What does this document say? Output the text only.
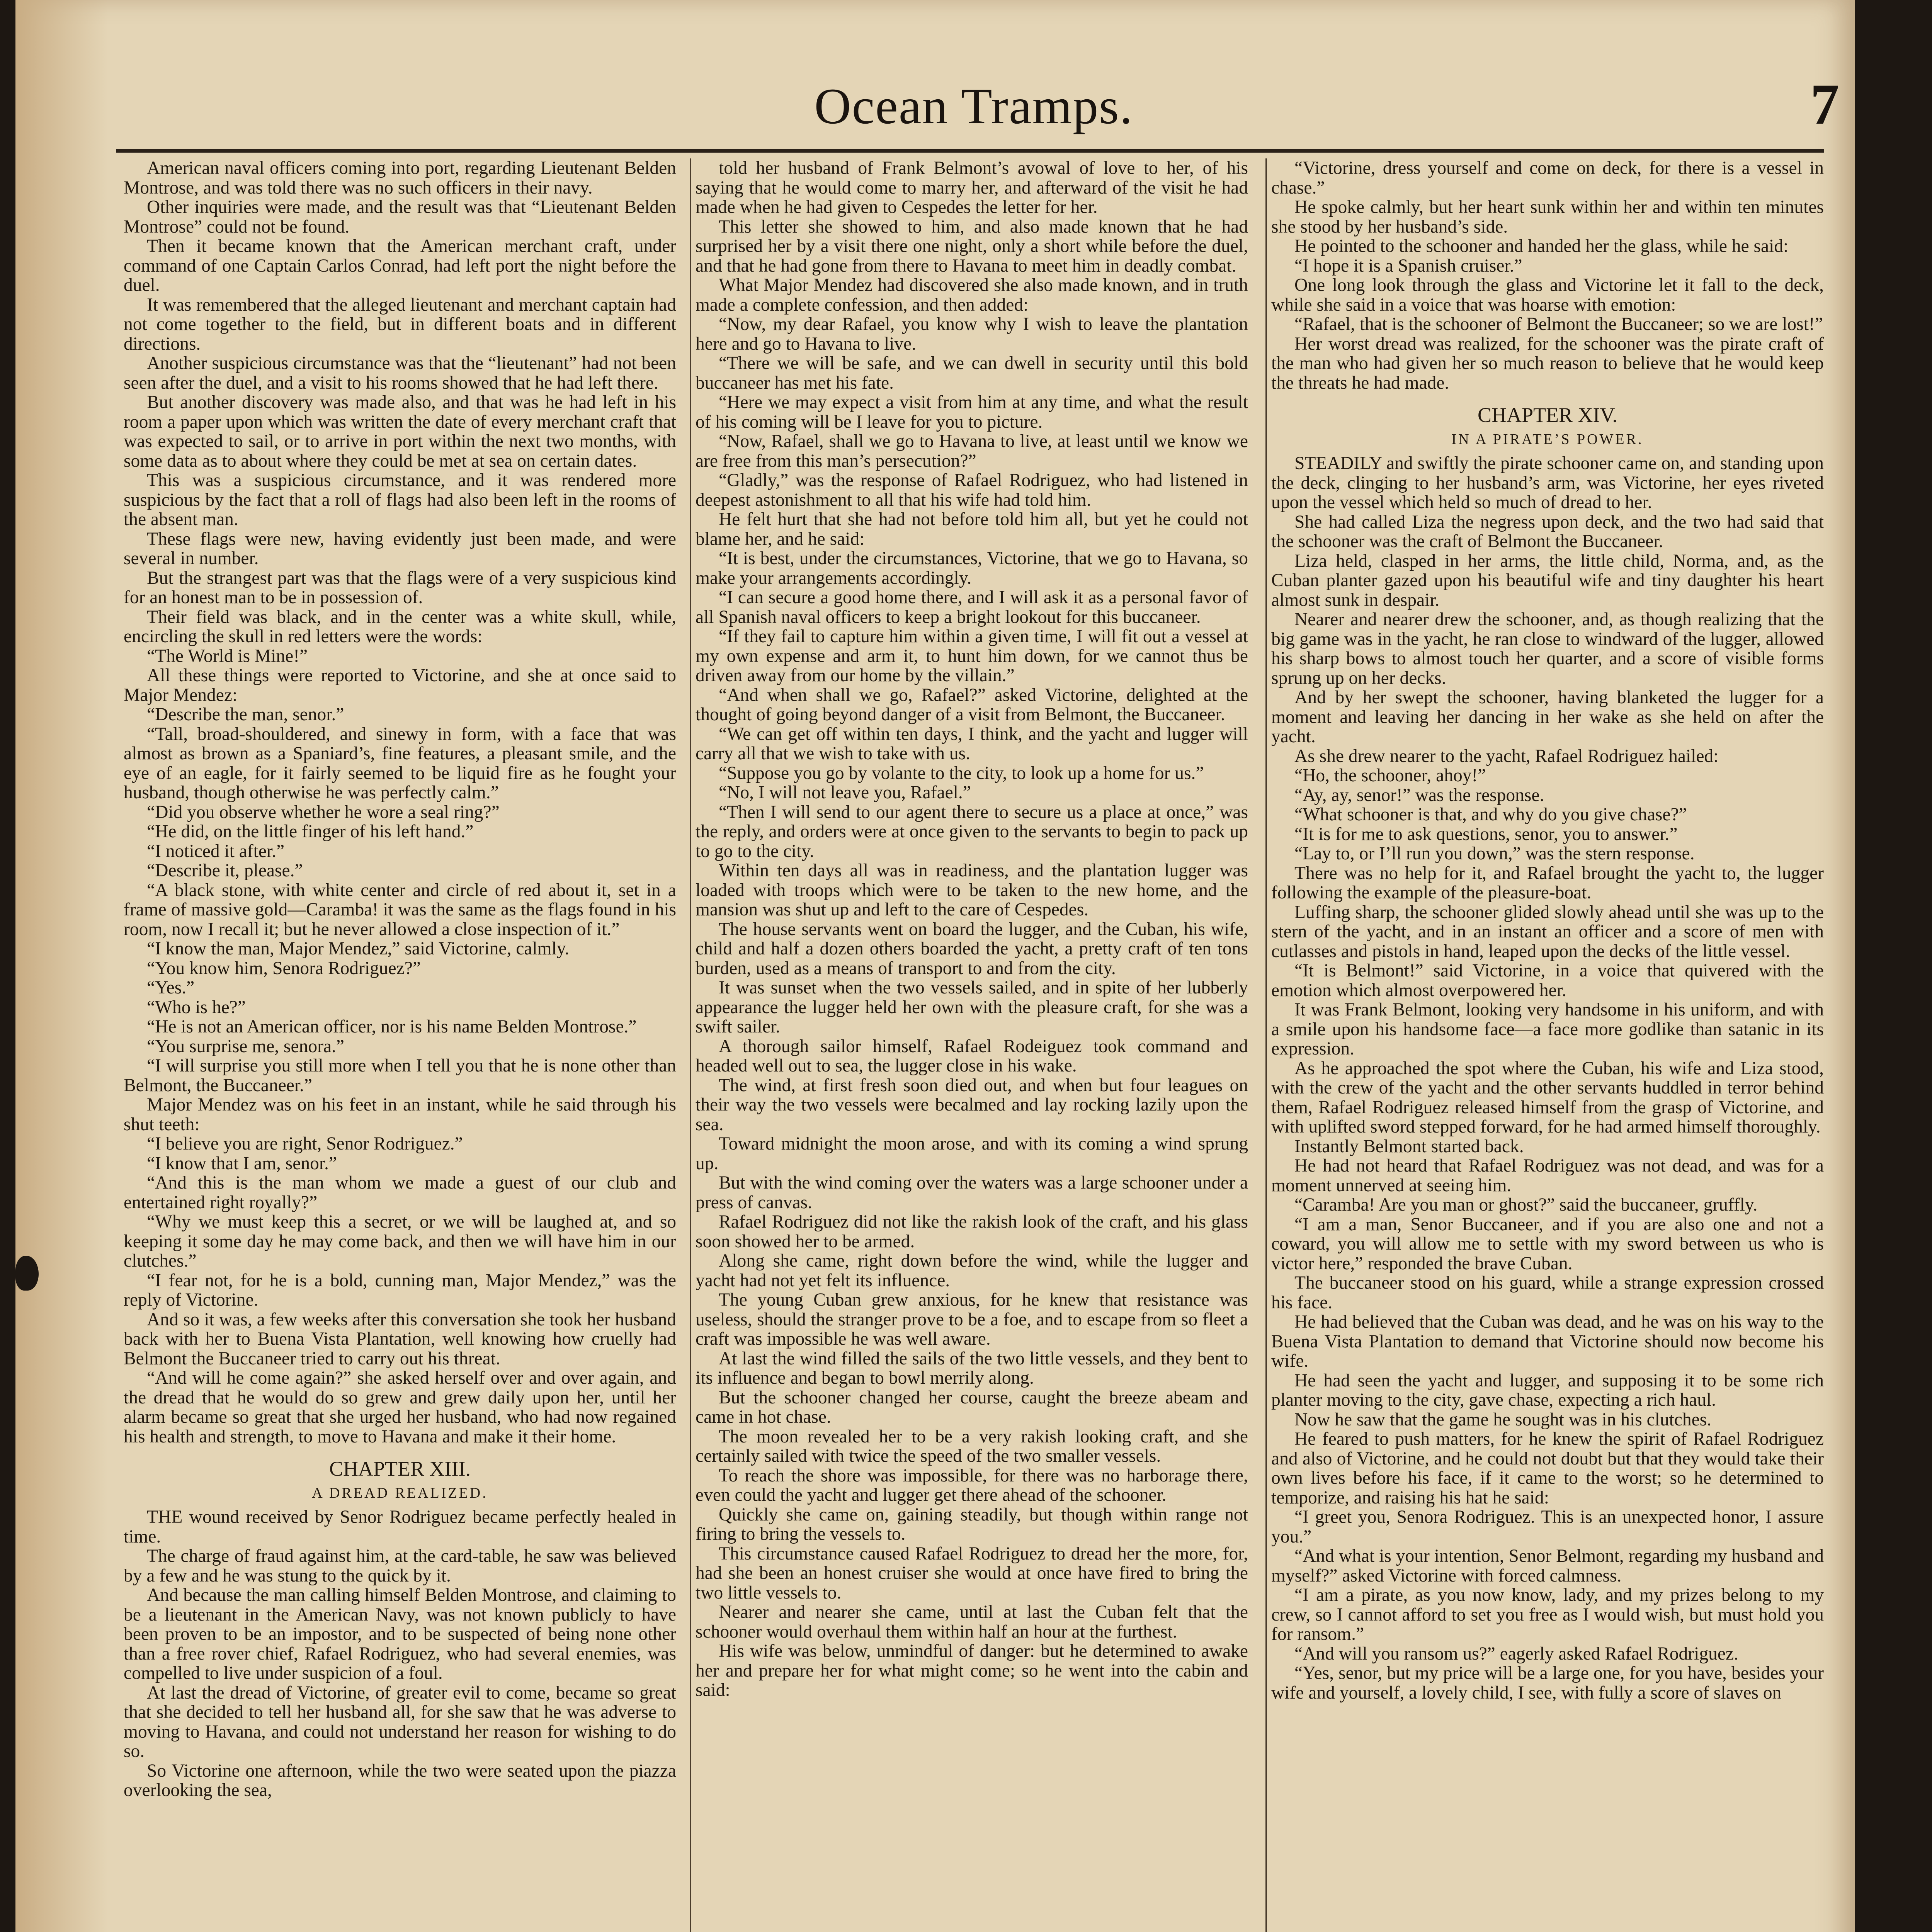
Ocean Tramps.	7

American naval officers coming into port, regarding Lieutenant Belden Montrose, and was told there was no such officers in their navy.

Other inquiries were made, and the result was that “Lieutenant Belden Montrose” could not be found.

Then it became known that the American merchant craft, under command of one Captain Carlos Conrad, had left port the night before the duel.

It was remembered that the alleged lieutenant and merchant captain had not come together to the field, but in different boats and in different directions.

Another suspicious circumstance was that the “lieutenant” had not been seen after the duel, and a visit to his rooms showed that he had left there.

But another discovery was made also, and that was he had left in his room a paper upon which was written the date of every merchant craft that was expected to sail, or to arrive in port within the next two months, with some data as to about where they could be met at sea on certain dates.

This was a suspicious circumstance, and it was rendered more suspicious by the fact that a roll of flags had also been left in the rooms of the absent man.

These flags were new, having evidently just been made, and were several in number.

But the strangest part was that the flags were of a very suspicious kind for an honest man to be in possession of.

Their field was black, and in the center was a white skull, while, encircling the skull in red letters were the words:

“The World is Mine!”

All these things were reported to Victorine, and she at once said to Major Mendez:

“Describe the man, senor.”

“Tall, broad-shouldered, and sinewy in form, with a face that was almost as brown as a Spaniard’s, fine features, a pleasant smile, and the eye of an eagle, for it fairly seemed to be liquid fire as he fought your husband, though otherwise he was perfectly calm.”

“Did you observe whether he wore a seal ring?”

“He did, on the little finger of his left hand.”

“I noticed it after.”

“Describe it, please.”

“A black stone, with white center and circle of red about it, set in a frame of massive gold—Caramba! it was the same as the flags found in his room, now I recall it; but he never allowed a close inspection of it.”

“I know the man, Major Mendez,” said Victorine, calmly.

“You know him, Senora Rodriguez?”

“Yes.”

“Who is he?”

“He is not an American officer, nor is his name Belden Montrose.”

“You surprise me, senora.”

“I will surprise you still more when I tell you that he is none other than Belmont, the Buccaneer.”

Major Mendez was on his feet in an instant, while he said through his shut teeth:

“I believe you are right, Senor Rodriguez.”

“I know that I am, senor.”

“And this is the man whom we made a guest of our club and entertained right royally?”

“Why we must keep this a secret, or we will be laughed at, and so keeping it some day he may come back, and then we will have him in our clutches.”

“I fear not, for he is a bold, cunning man, Major Mendez,” was the reply of Victorine.

And so it was, a few weeks after this conversation she took her husband back with her to Buena Vista Plantation, well knowing how cruelly had Belmont the Buccaneer tried to carry out his threat.

“And will he come again?” she asked herself over and over again, and the dread that he would do so grew and grew daily upon her, until her alarm became so great that she urged her husband, who had now regained his health and strength, to move to Havana and make it their home.

CHAPTER XIII.

A DREAD REALIZED.

THE wound received by Senor Rodriguez became perfectly healed in time.

The charge of fraud against him, at the card-table, he saw was believed by a few and he was stung to the quick by it.

And because the man calling himself Belden Montrose, and claiming to be a lieutenant in the American Navy, was not known publicly to have been proven to be an impostor, and to be suspected of being none other than a free rover chief, Rafael Rodriguez, who had several enemies, was compelled to live under suspicion of a foul.

At last the dread of Victorine, of greater evil to come, became so great that she decided to tell her husband all, for she saw that he was adverse to moving to Havana, and could not understand her reason for wishing to do so.

So Victorine one afternoon, while the two were seated upon the piazza overlooking the sea,

told her husband of Frank Belmont’s avowal of love to her, of his saying that he would come to marry her, and afterward of the visit he had made when he had given to Cespedes the letter for her.

This letter she showed to him, and also made known that he had surprised her by a visit there one night, only a short while before the duel, and that he had gone from there to Havana to meet him in deadly combat.

What Major Mendez had discovered she also made known, and in truth made a complete confession, and then added:

“Now, my dear Rafael, you know why I wish to leave the plantation here and go to Havana to live.

“There we will be safe, and we can dwell in security until this bold buccaneer has met his fate.

“Here we may expect a visit from him at any time, and what the result of his coming will be I leave for you to picture.

“Now, Rafael, shall we go to Havana to live, at least until we know we are free from this man’s persecution?”

“Gladly,” was the response of Rafael Rodriguez, who had listened in deepest astonishment to all that his wife had told him.

He felt hurt that she had not before told him all, but yet he could not blame her, and he said:

“It is best, under the circumstances, Victorine, that we go to Havana, so make your arrangements accordingly.

“I can secure a good home there, and I will ask it as a personal favor of all Spanish naval officers to keep a bright lookout for this buccaneer.

“If they fail to capture him within a given time, I will fit out a vessel at my own expense and arm it, to hunt him down, for we cannot thus be driven away from our home by the villain.”

“And when shall we go, Rafael?” asked Victorine, delighted at the thought of going beyond danger of a visit from Belmont, the Buccaneer.

“We can get off within ten days, I think, and the yacht and lugger will carry all that we wish to take with us.

“Suppose you go by volante to the city, to look up a home for us.”

“No, I will not leave you, Rafael.”

“Then I will send to our agent there to secure us a place at once,” was the reply, and orders were at once given to the servants to begin to pack up to go to the city.

Within ten days all was in readiness, and the plantation lugger was loaded with troops which were to be taken to the new home, and the mansion was shut up and left to the care of Cespedes.

The house servants went on board the lugger, and the Cuban, his wife, child and half a dozen others boarded the yacht, a pretty craft of ten tons burden, used as a means of transport to and from the city.

It was sunset when the two vessels sailed, and in spite of her lubberly appearance the lugger held her own with the pleasure craft, for she was a swift sailer.

A thorough sailor himself, Rafael Rodeiguez took command and headed well out to sea, the lugger close in his wake.

The wind, at first fresh soon died out, and when but four leagues on their way the two vessels were becalmed and lay rocking lazily upon the sea.

Toward midnight the moon arose, and with its coming a wind sprung up.

But with the wind coming over the waters was a large schooner under a press of canvas.

Rafael Rodriguez did not like the rakish look of the craft, and his glass soon showed her to be armed.

Along she came, right down before the wind, while the lugger and yacht had not yet felt its influence.

The young Cuban grew anxious, for he knew that resistance was useless, should the stranger prove to be a foe, and to escape from so fleet a craft was impossible he was well aware.

At last the wind filled the sails of the two little vessels, and they bent to its influence and began to bowl merrily along.

But the schooner changed her course, caught the breeze abeam and came in hot chase.

The moon revealed her to be a very rakish looking craft, and she certainly sailed with twice the speed of the two smaller vessels.

To reach the shore was impossible, for there was no harborage there, even could the yacht and lugger get there ahead of the schooner.

Quickly she came on, gaining steadily, but though within range not firing to bring the vessels to.

This circumstance caused Rafael Rodriguez to dread her the more, for, had she been an honest cruiser she would at once have fired to bring the two little vessels to.

Nearer and nearer she came, until at last the Cuban felt that the schooner would overhaul them within half an hour at the furthest.

His wife was below, unmindful of danger: but he determined to awake her and prepare her for what might come; so he went into the cabin and said:

“Victorine, dress yourself and come on deck, for there is a vessel in chase.”

He spoke calmly, but her heart sunk within her and within ten minutes she stood by her husband’s side.

He pointed to the schooner and handed her the glass, while he said:

“I hope it is a Spanish cruiser.”

One long look through the glass and Victorine let it fall to the deck, while she said in a voice that was hoarse with emotion:

“Rafael, that is the schooner of Belmont the Buccaneer; so we are lost!”

Her worst dread was realized, for the schooner was the pirate craft of the man who had given her so much reason to believe that he would keep the threats he had made.

CHAPTER XIV.

IN A PIRATE’S POWER.

STEADILY and swiftly the pirate schooner came on, and standing upon the deck, clinging to her husband’s arm, was Victorine, her eyes riveted upon the vessel which held so much of dread to her.

She had called Liza the negress upon deck, and the two had said that the schooner was the craft of Belmont the Buccaneer.

Liza held, clasped in her arms, the little child, Norma, and, as the Cuban planter gazed upon his beautiful wife and tiny daughter his heart almost sunk in despair.

Nearer and nearer drew the schooner, and, as though realizing that the big game was in the yacht, he ran close to windward of the lugger, allowed his sharp bows to almost touch her quarter, and a score of visible forms sprung up on her decks.

And by her swept the schooner, having blanketed the lugger for a moment and leaving her dancing in her wake as she held on after the yacht.

As she drew nearer to the yacht, Rafael Rodriguez hailed:

“Ho, the schooner, ahoy!”

“Ay, ay, senor!” was the response.

“What schooner is that, and why do you give chase?”

“It is for me to ask questions, senor, you to answer.”

“Lay to, or I’ll run you down,” was the stern response.

There was no help for it, and Rafael brought the yacht to, the lugger following the example of the pleasure-boat.

Luffing sharp, the schooner glided slowly ahead until she was up to the stern of the yacht, and in an instant an officer and a score of men with cutlasses and pistols in hand, leaped upon the decks of the little vessel.

“It is Belmont!” said Victorine, in a voice that quivered with the emotion which almost overpowered her.

It was Frank Belmont, looking very handsome in his uniform, and with a smile upon his handsome face—a face more godlike than satanic in its expression.

As he approached the spot where the Cuban, his wife and Liza stood, with the crew of the yacht and the other servants huddled in terror behind them, Rafael Rodriguez released himself from the grasp of Victorine, and with uplifted sword stepped forward, for he had armed himself thoroughly.

Instantly Belmont started back.

He had not heard that Rafael Rodriguez was not dead, and was for a moment unnerved at seeing him.

“Caramba! Are you man or ghost?” said the buccaneer, gruffly.

“I am a man, Senor Buccaneer, and if you are also one and not a coward, you will allow me to settle with my sword between us who is victor here,” responded the brave Cuban.

The buccaneer stood on his guard, while a strange expression crossed his face.

He had believed that the Cuban was dead, and he was on his way to the Buena Vista Plantation to demand that Victorine should now become his wife.

He had seen the yacht and lugger, and supposing it to be some rich planter moving to the city, gave chase, expecting a rich haul.

Now he saw that the game he sought was in his clutches.

He feared to push matters, for he knew the spirit of Rafael Rodriguez and also of Victorine, and he could not doubt but that they would take their own lives before his face, if it came to the worst; so he determined to temporize, and raising his hat he said:

“I greet you, Senora Rodriguez. This is an unexpected honor, I assure you.”

“And what is your intention, Senor Belmont, regarding my husband and myself?” asked Victorine with forced calmness.

“I am a pirate, as you now know, lady, and my prizes belong to my crew, so I cannot afford to set you free as I would wish, but must hold you for ransom.”

“And will you ransom us?” eagerly asked Rafael Rodriguez.

“Yes, senor, but my price will be a large one, for you have, besides your wife and yourself, a lovely child, I see, with fully a score of slaves on
